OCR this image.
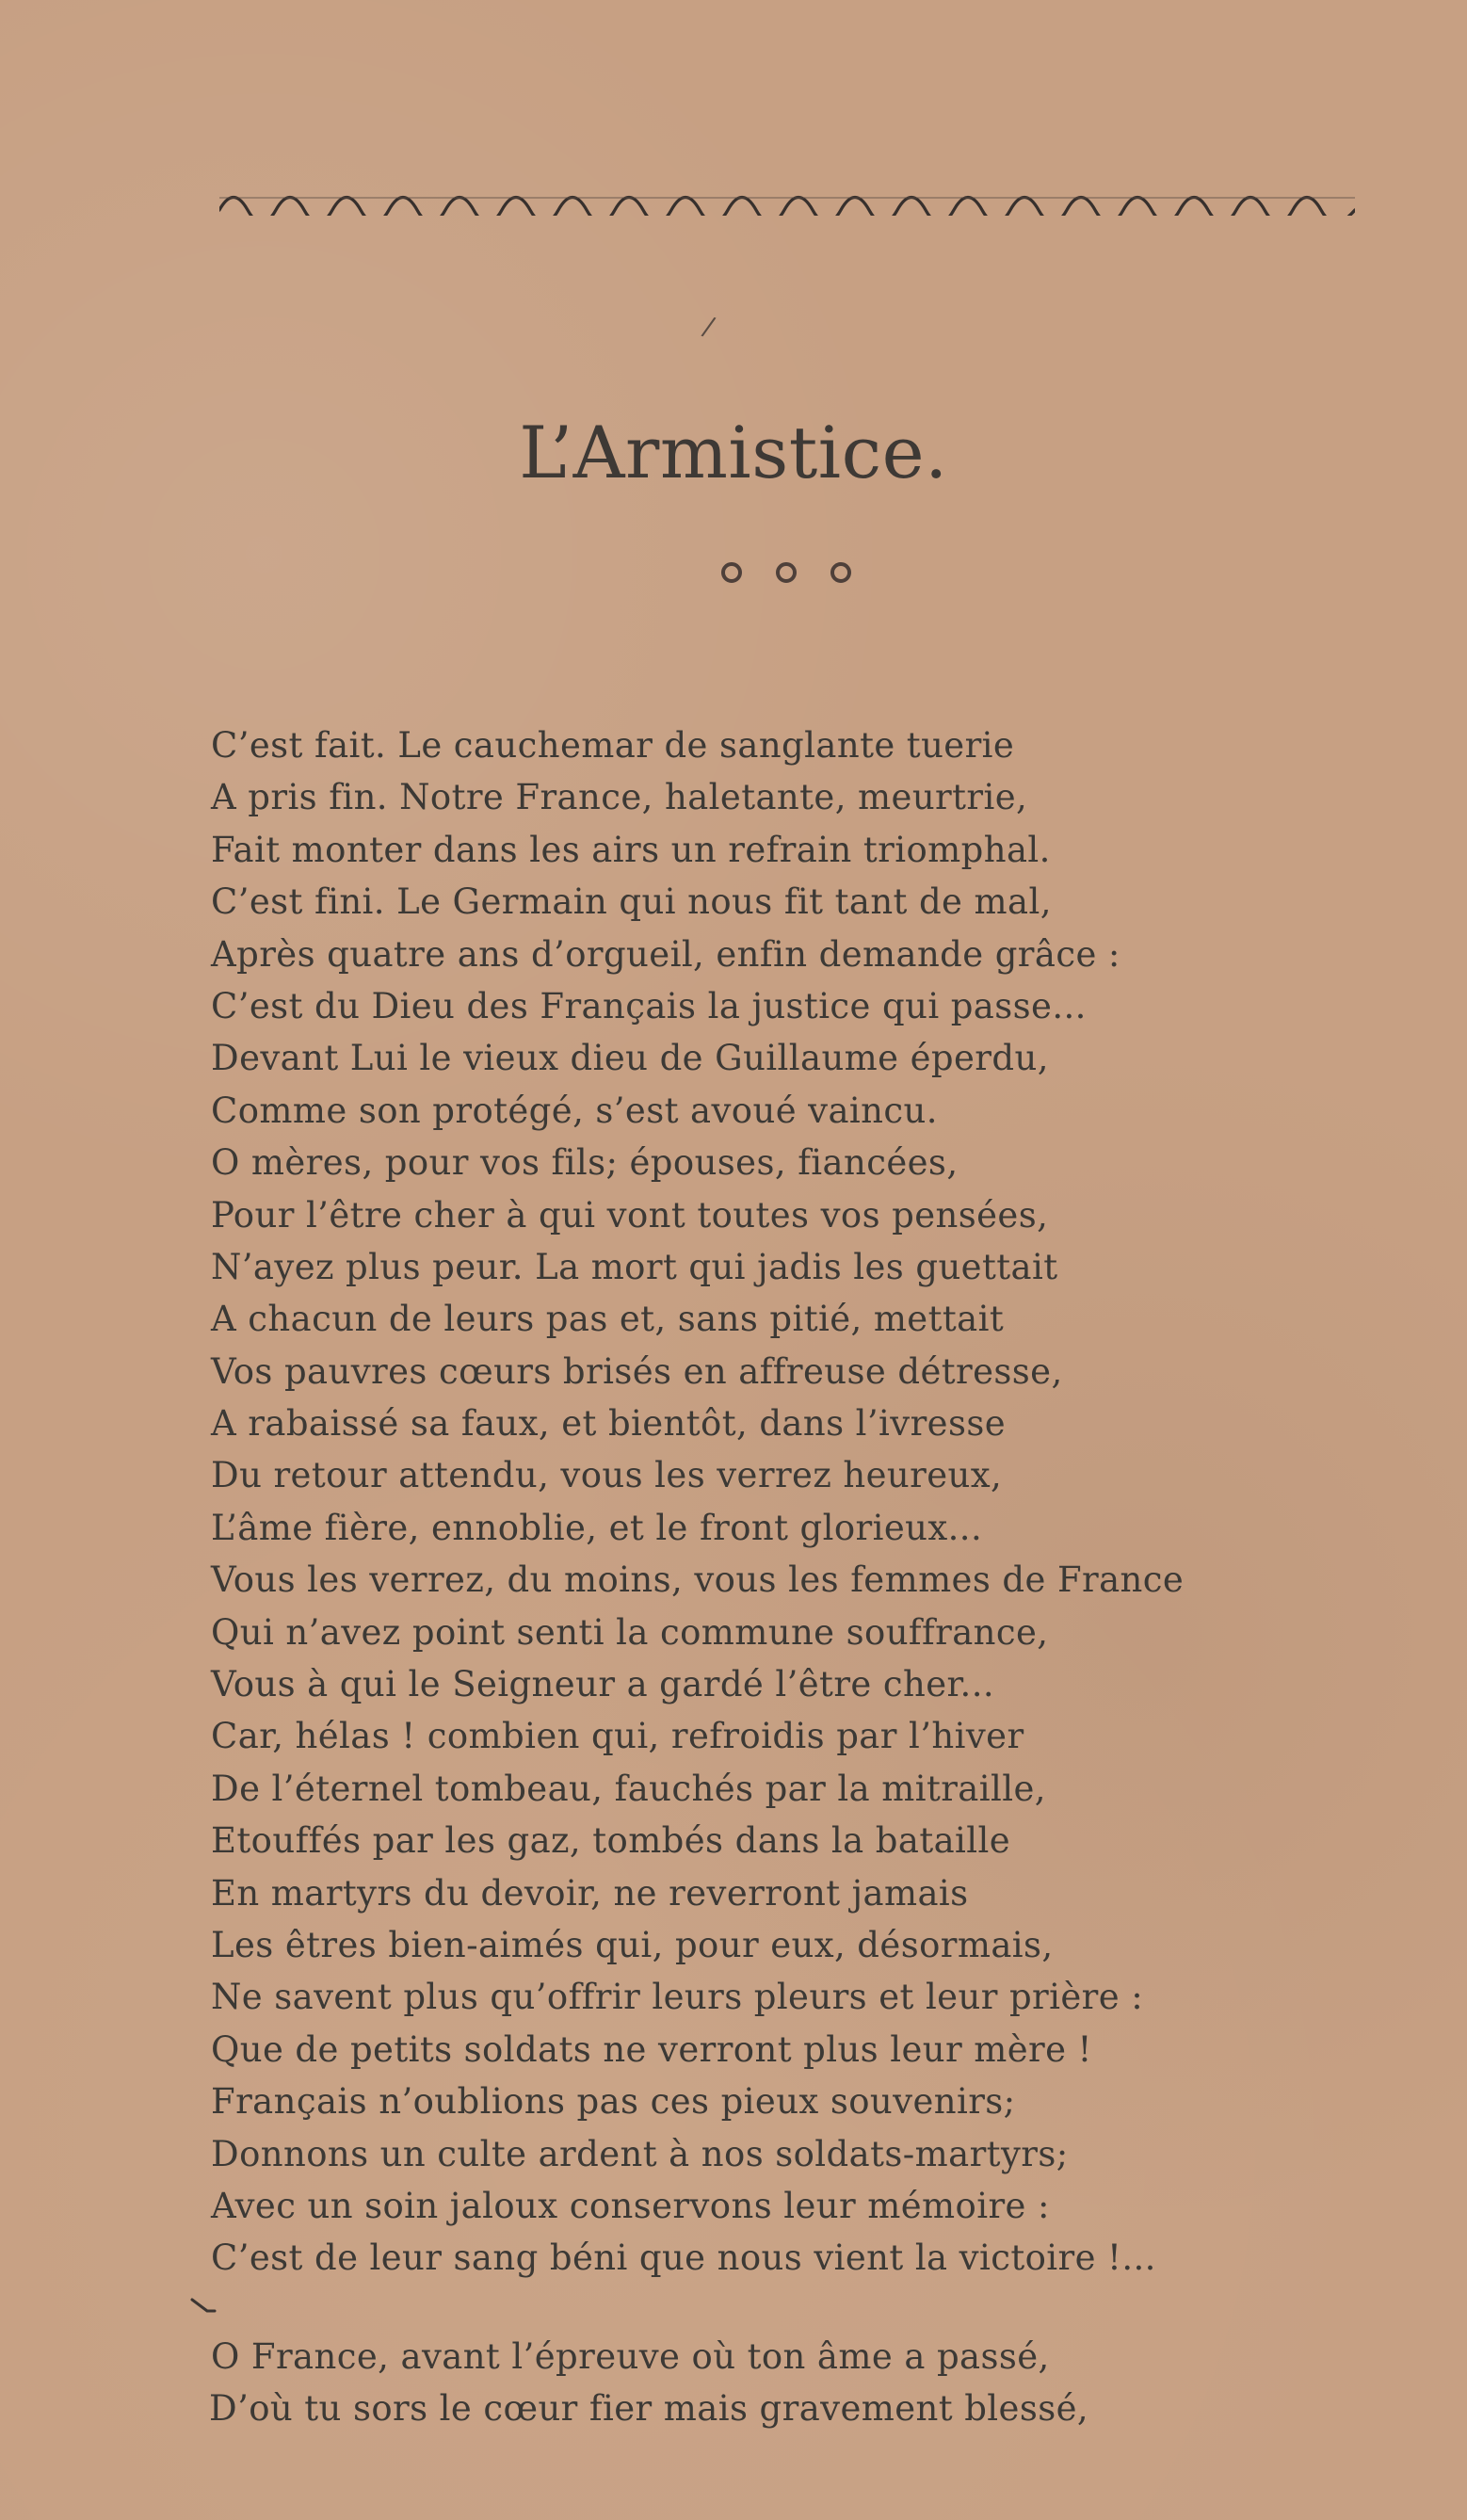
/
L’Armistice.
C’est fait. Le cauchemar de sanglante tuerie
A pris fin. Notre France, haletante, meurtrie,
Fait monter dans les airs un refrain triomphal.
C’est fini. Le Germain qui nous fit tant de mal,
Après quatre ans d’orgueil, enfin demande grâce :
C’est du Dieu des Français la justice qui passe...
Devant Lui le vieux dieu de Guillaume éperdu,
Comme son protégé, s’est avoué vaincu.
O mères, pour vos fils; épouses, fiancées,
Pour l’être cher à qui vont toutes vos pensées,
N’ayez plus peur. La mort qui jadis les guettait
A chacun de leurs pas et, sans pitié, mettait
Vos pauvres cœurs brisés en affreuse détresse,
A rabaissé sa faux, et bientôt, dans l’ivresse
Du retour attendu, vous les verrez heureux,
L’âme fière, ennoblie, et le front glorieux...
Vous les verrez, du moins, vous les femmes de France
Qui n’avez point senti la commune souffrance,
Vous à qui le Seigneur a gardé l’être cher...
Car, hélas ! combien qui, refroidis par l’hiver
De l’éternel tombeau, fauchés par la mitraille,
Etouffés par les gaz, tombés dans la bataille
En martyrs du devoir, ne reverront jamais
Les êtres bien-aimés qui, pour eux, désormais,
Ne savent plus qu’offrir leurs pleurs et leur prière :
Que de petits soldats ne verront plus leur mère !
Français n’oublions pas ces pieux souvenirs;
Donnons un culte ardent à nos soldats-martyrs;
Avec un soin jaloux conservons leur mémoire :
C’est de leur sang béni que nous vient la victoire !...
O France, avant l’épreuve où ton âme a passé,
D’où tu sors le cœur fier mais gravement blessé,
